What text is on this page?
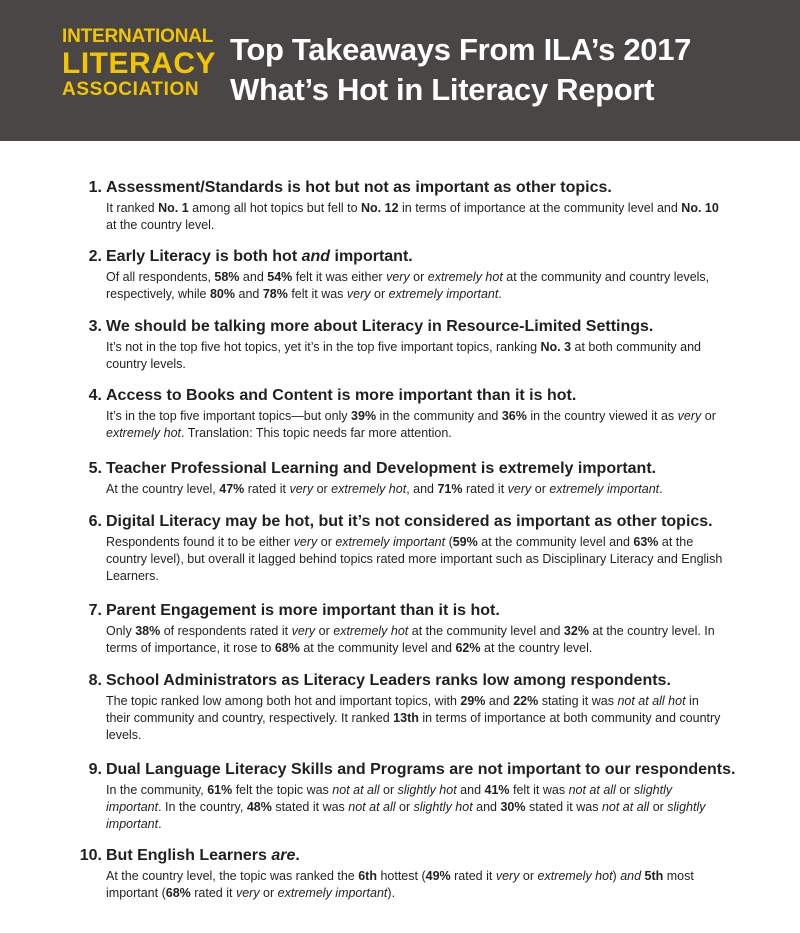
INTERNATIONAL
LITERACY
ASSOCIATION
Top Takeaways From ILA’s 2017
What’s Hot in Literacy Report
1. Assessment/Standards is hot but not as important as other topics.

It ranked No. 1 among all hot topics but fell to No. 12 in terms of importance at the community level and No. 10 at the country level.

2. Early Literacy is both hot and important.

Of all respondents, 58% and 54% felt it was either very or extremely hot at the community and country levels, respectively, while 80% and 78% felt it was very or extremely important.

3. We should be talking more about Literacy in Resource-Limited Settings.

It’s not in the top five hot topics, yet it’s in the top five important topics, ranking No. 3 at both community and country levels.

4. Access to Books and Content is more important than it is hot.

It’s in the top five important topics—but only 39% in the community and 36% in the country viewed it as very or extremely hot. Translation: This topic needs far more attention.

5. Teacher Professional Learning and Development is extremely important.

At the country level, 47% rated it very or extremely hot, and 71% rated it very or extremely important.

6. Digital Literacy may be hot, but it’s not considered as important as other topics.

Respondents found it to be either very or extremely important (59% at the community level and 63% at the country level), but overall it lagged behind topics rated more important such as Disciplinary Literacy and English Learners.

7. Parent Engagement is more important than it is hot.

Only 38% of respondents rated it very or extremely hot at the community level and 32% at the country level. In terms of importance, it rose to 68% at the community level and 62% at the country level.

8. School Administrators as Literacy Leaders ranks low among respondents.

The topic ranked low among both hot and important topics, with 29% and 22% stating it was not at all hot in their community and country, respectively. It ranked 13th in terms of importance at both community and country levels.

9. Dual Language Literacy Skills and Programs are not important to our respondents.

In the community, 61% felt the topic was not at all or slightly hot and 41% felt it was not at all or slightly important. In the country, 48% stated it was not at all or slightly hot and 30% stated it was not at all or slightly important.

10. But English Learners are.

At the country level, the topic was ranked the 6th hottest (49% rated it very or extremely hot) and 5th most important (68% rated it very or extremely important).
